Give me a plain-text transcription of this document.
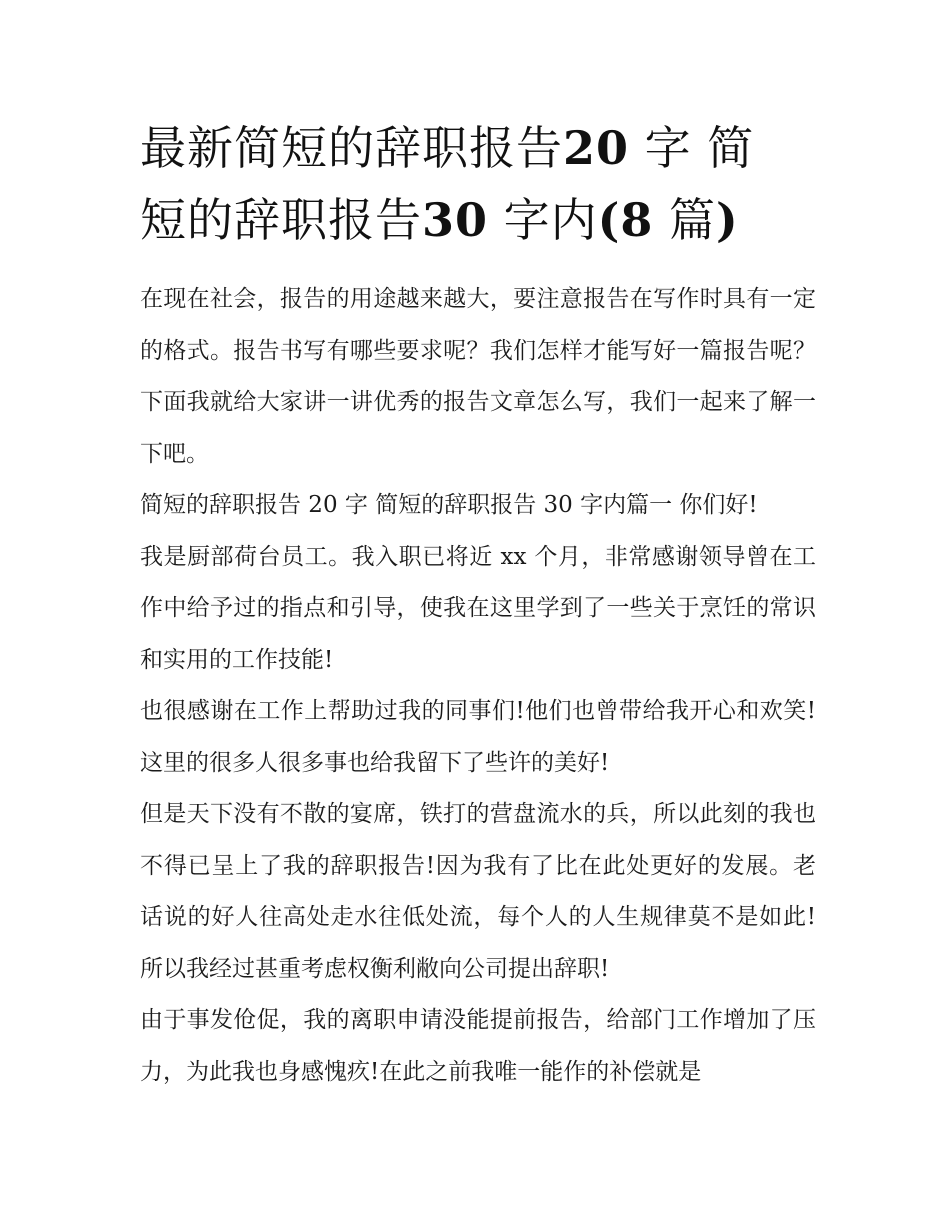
最新简短的辞职报告20 字 简
短的辞职报告30 字内(8 篇)

在现在社会，报告的用途越来越大，要注意报告在写作时具有一定的格式。报告书写有哪些要求呢？我们怎样才能写好一篇报告呢？下面我就给大家讲一讲优秀的报告文章怎么写，我们一起来了解一下吧。

简短的辞职报告 20 字 简短的辞职报告 30 字内篇一 你们好!

我是厨部荷台员工。我入职已将近 xx 个月，非常感谢领导曾在工作中给予过的指点和引导，使我在这里学到了一些关于烹饪的常识和实用的工作技能!

也很感谢在工作上帮助过我的同事们!他们也曾带给我开心和欢笑!这里的很多人很多事也给我留下了些许的美好!

但是天下没有不散的宴席，铁打的营盘流水的兵，所以此刻的我也不得已呈上了我的辞职报告!因为我有了比在此处更好的发展。老话说的好人往高处走水往低处流，每个人的人生规律莫不是如此!所以我经过甚重考虑权衡利敝向公司提出辞职!

由于事发伧促，我的离职申请没能提前报告，给部门工作增加了压力，为此我也身感愧疚!在此之前我唯一能作的补偿就是
